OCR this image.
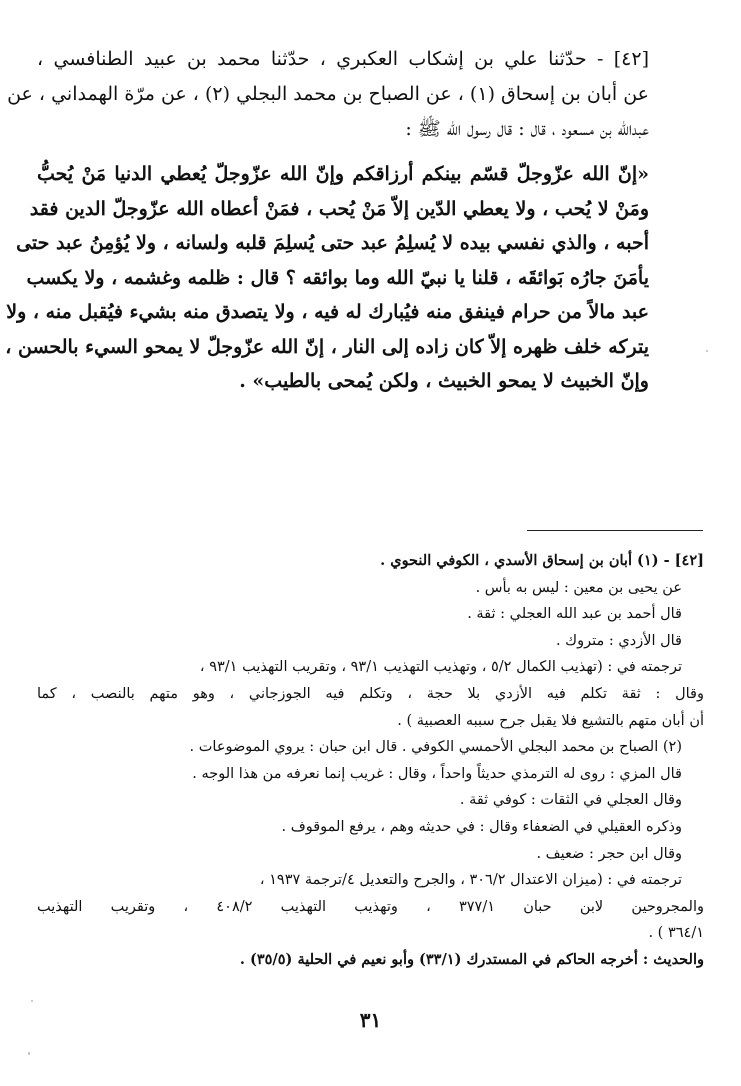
[٤٢] - حدّثنا علي بن إشكاب العكبري ، حدّثنا محمد بن عبيد الطنافسي ،
عن أبان بن إسحاق (١) ، عن الصباح بن محمد البجلي (٢) ، عن مرّة الهمداني ، عن
عبدالله بن مسعود ، قال : قال رسول الله ﷺ :
«إنّ الله عزّوجلّ قسّم بينكم أرزاقكم وإنّ الله عزّوجلّ يُعطي الدنيا مَنْ يُحبُّ
ومَنْ لا يُحب ، ولا يعطي الدّين إلاّ مَنْ يُحب ، فمَنْ أعطاه الله عزّوجلّ الدين فقد
أحبه ، والذي نفسي بيده لا يُسلِمُ عبد حتى يُسلِمَ قلبه ولسانه ، ولا يُؤمِنُ عبد حتى
يأمَنَ جارُه بَوائقَه ، قلنا يا نبيّ الله وما بوائقه ؟ قال : ظلمه وغشمه ، ولا يكسب
عبد مالاً من حرام فينفق منه فيُبارك له فيه ، ولا يتصدق منه بشيء فيُقبل منه ، ولا
يتركه خلف ظهره إلاّ كان زاده إلى النار ، إنّ الله عزّوجلّ لا يمحو السيء بالحسن ،
وإنّ الخبيث لا يمحو الخبيث ، ولكن يُمحى بالطيب» .
[٤٢] - (١) أبان بن إسحاق الأسدي ، الكوفي النحوي .
عن يحيى بن معين : ليس به بأس .
قال أحمد بن عبد الله العجلي : ثقة .
قال الأزدي : متروك .
ترجمته في : (تهذيب الكمال ٥/٢ ، وتهذيب التهذيب ٩٣/١ ، وتقريب التهذيب ٩٣/١ ،
وقال : ثقة تكلم فيه الأزدي بلا حجة ، وتكلم فيه الجوزجاني ، وهو متهم بالنصب ، كما
أن أبان متهم بالتشيع فلا يقبل جرح سببه العصبية ) .
(٢) الصباح بن محمد البجلي الأحمسي الكوفي . قال ابن حبان : يروي الموضوعات .
قال المزي : روى له الترمذي حديثاً واحداً ، وقال : غريب إنما نعرفه من هذا الوجه .
وقال العجلي في الثقات : كوفي ثقة .
وذكره العقيلي في الضعفاء وقال : في حديثه وهم ، يرفع الموقوف .
وقال ابن حجر : ضعيف .
ترجمته في : (ميزان الاعتدال ٣٠٦/٢ ، والجرح والتعديل ٤/ترجمة ١٩٣٧ ،
والمجروحين لابن حبان ٣٧٧/١ ، وتهذيب التهذيب ٤٠٨/٢ ، وتقريب التهذيب
٣٦٤/١ ) .
والحديث : أخرجه الحاكم في المستدرك (٣٣/١) وأبو نعيم في الحلية (٣٥/٥) .
٣١
